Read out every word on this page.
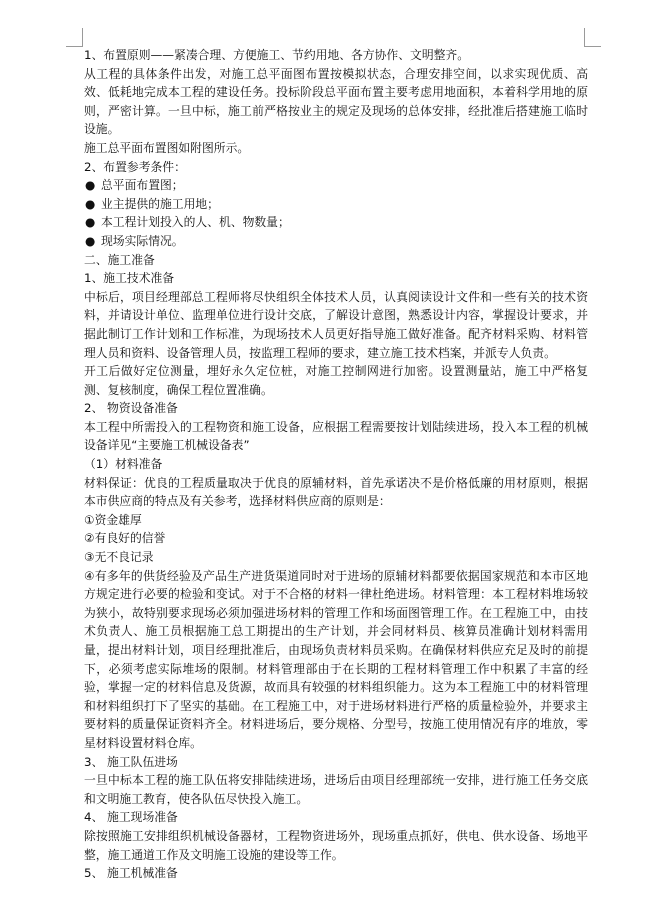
1、布置原则——紧凑合理、方便施工、节约用地、各方协作、文明整齐。

从工程的具体条件出发，对施工总平面图布置按模拟状态，合理安排空间，以求实现优质、高效、低耗地完成本工程的建设任务。投标阶段总平面布置主要考虑用地面积，本着科学用地的原则，严密计算。一旦中标，施工前严格按业主的规定及现场的总体安排，经批准后搭建施工临时设施。

施工总平面布置图如附图所示。

2、布置参考条件：

● 总平面布置图；

● 业主提供的施工用地；

● 本工程计划投入的人、机、物数量；

● 现场实际情况。

二、施工准备

1、施工技术准备

中标后，项目经理部总工程师将尽快组织全体技术人员，认真阅读设计文件和一些有关的技术资料，并请设计单位、监理单位进行设计交底，了解设计意图，熟悉设计内容，掌握设计要求，并据此制订工作计划和工作标准，为现场技术人员更好指导施工做好准备。配齐材料采购、材料管理人员和资料、设备管理人员，按监理工程师的要求，建立施工技术档案，并派专人负责。

开工后做好定位测量，埋好永久定位桩，对施工控制网进行加密。设置测量站，施工中严格复测、复核制度，确保工程位置准确。

2、 物资设备准备

本工程中所需投入的工程物资和施工设备，应根据工程需要按计划陆续进场，投入本工程的机械设备详见“主要施工机械设备表”

（1）材料准备

材料保证：优良的工程质量取决于优良的原辅材料，首先承诺决不是价格低廉的用材原则，根据本市供应商的特点及有关参考，选择材料供应商的原则是：

①资金雄厚

②有良好的信誉

③无不良记录

④有多年的供货经验及产品生产进货渠道同时对于进场的原辅材料都要依据国家规范和本市区地方规定进行必要的检验和变试。对于不合格的材料一律杜绝进场。材料管理：本工程材料堆场较为狭小，故特别要求现场必须加强进场材料的管理工作和场面图管理工作。在工程施工中，由技术负责人、施工员根据施工总工期提出的生产计划，并会同材料员、核算员准确计划材料需用量，提出材料计划，项目经理批准后，由现场负责材料员采购。在确保材料供应充足及时的前提下，必须考虑实际堆场的限制。材料管理部由于在长期的工程材料管理工作中积累了丰富的经验，掌握一定的材料信息及货源，故而具有较强的材料组织能力。这为本工程施工中的材料管理和材料组织打下了坚实的基础。在工程施工中，对于进场材料进行严格的质量检验外，并要求主要材料的质量保证资料齐全。材料进场后，要分规格、分型号，按施工使用情况有序的堆放，零星材料设置材料仓库。

3、 施工队伍进场

一旦中标本工程的施工队伍将安排陆续进场，进场后由项目经理部统一安排，进行施工任务交底和文明施工教育，使各队伍尽快投入施工。

4、 施工现场准备

除按照施工安排组织机械设备器材，工程物资进场外，现场重点抓好，供电、供水设备、场地平整，施工通道工作及文明施工设施的建设等工作。

5、 施工机械准备
